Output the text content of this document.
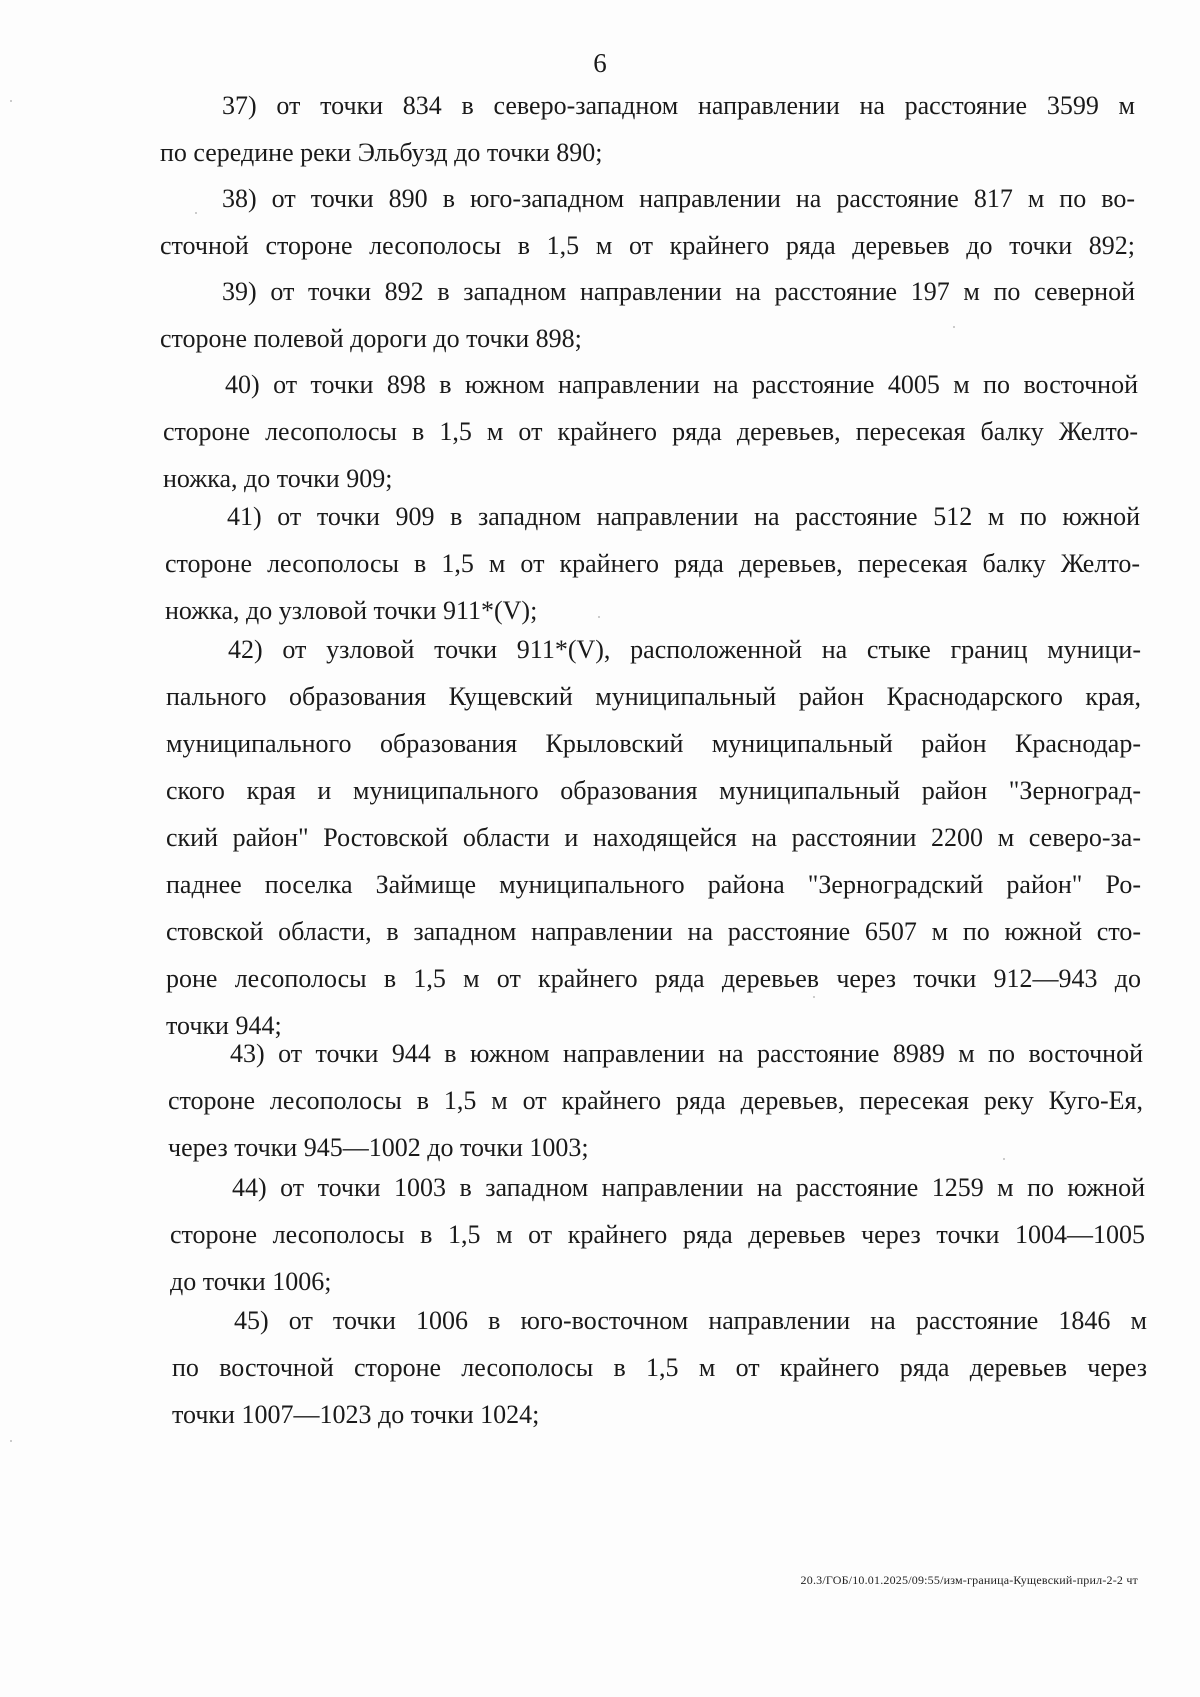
6
37) от точки 834 в северо-западном направлении на расстояние 3599 м
по середине реки Эльбузд до точки 890;
38) от точки 890 в юго-западном направлении на расстояние 817 м по во-
сточной стороне лесополосы в 1,5 м от крайнего ряда деревьев до точки 892;
39) от точки 892 в западном направлении на расстояние 197 м по северной
стороне полевой дороги до точки 898;
40) от точки 898 в южном направлении на расстояние 4005 м по восточной
стороне лесополосы в 1,5 м от крайнего ряда деревьев, пересекая балку Желто-
ножка, до точки 909;
41) от точки 909 в западном направлении на расстояние 512 м по южной
стороне лесополосы в 1,5 м от крайнего ряда деревьев, пересекая балку Желто-
ножка, до узловой точки 911*(V);
42) от узловой точки 911*(V), расположенной на стыке границ муници-
пального образования Кущевский муниципальный район Краснодарского края,
муниципального образования Крыловский муниципальный район Краснодар-
ского края и муниципального образования муниципальный район "Зерноград-
ский район" Ростовской области и находящейся на расстоянии 2200 м северо-за-
паднее поселка Займище муниципального района "Зерноградский район" Ро-
стовской области, в западном направлении на расстояние 6507 м по южной сто-
роне лесополосы в 1,5 м от крайнего ряда деревьев через точки 912—943 до
точки 944;
43) от точки 944 в южном направлении на расстояние 8989 м по восточной
стороне лесополосы в 1,5 м от крайнего ряда деревьев, пересекая реку Куго-Ея,
через точки 945—1002 до точки 1003;
44) от точки 1003 в западном направлении на расстояние 1259 м по южной
стороне лесополосы в 1,5 м от крайнего ряда деревьев через точки 1004—1005
до точки 1006;
45) от точки 1006 в юго-восточном направлении на расстояние 1846 м
по восточной стороне лесополосы в 1,5 м от крайнего ряда деревьев через
точки 1007—1023 до точки 1024;
20.3/ГОБ/10.01.2025/09:55/изм-граница-Кущевский-прил-2-2 чт
